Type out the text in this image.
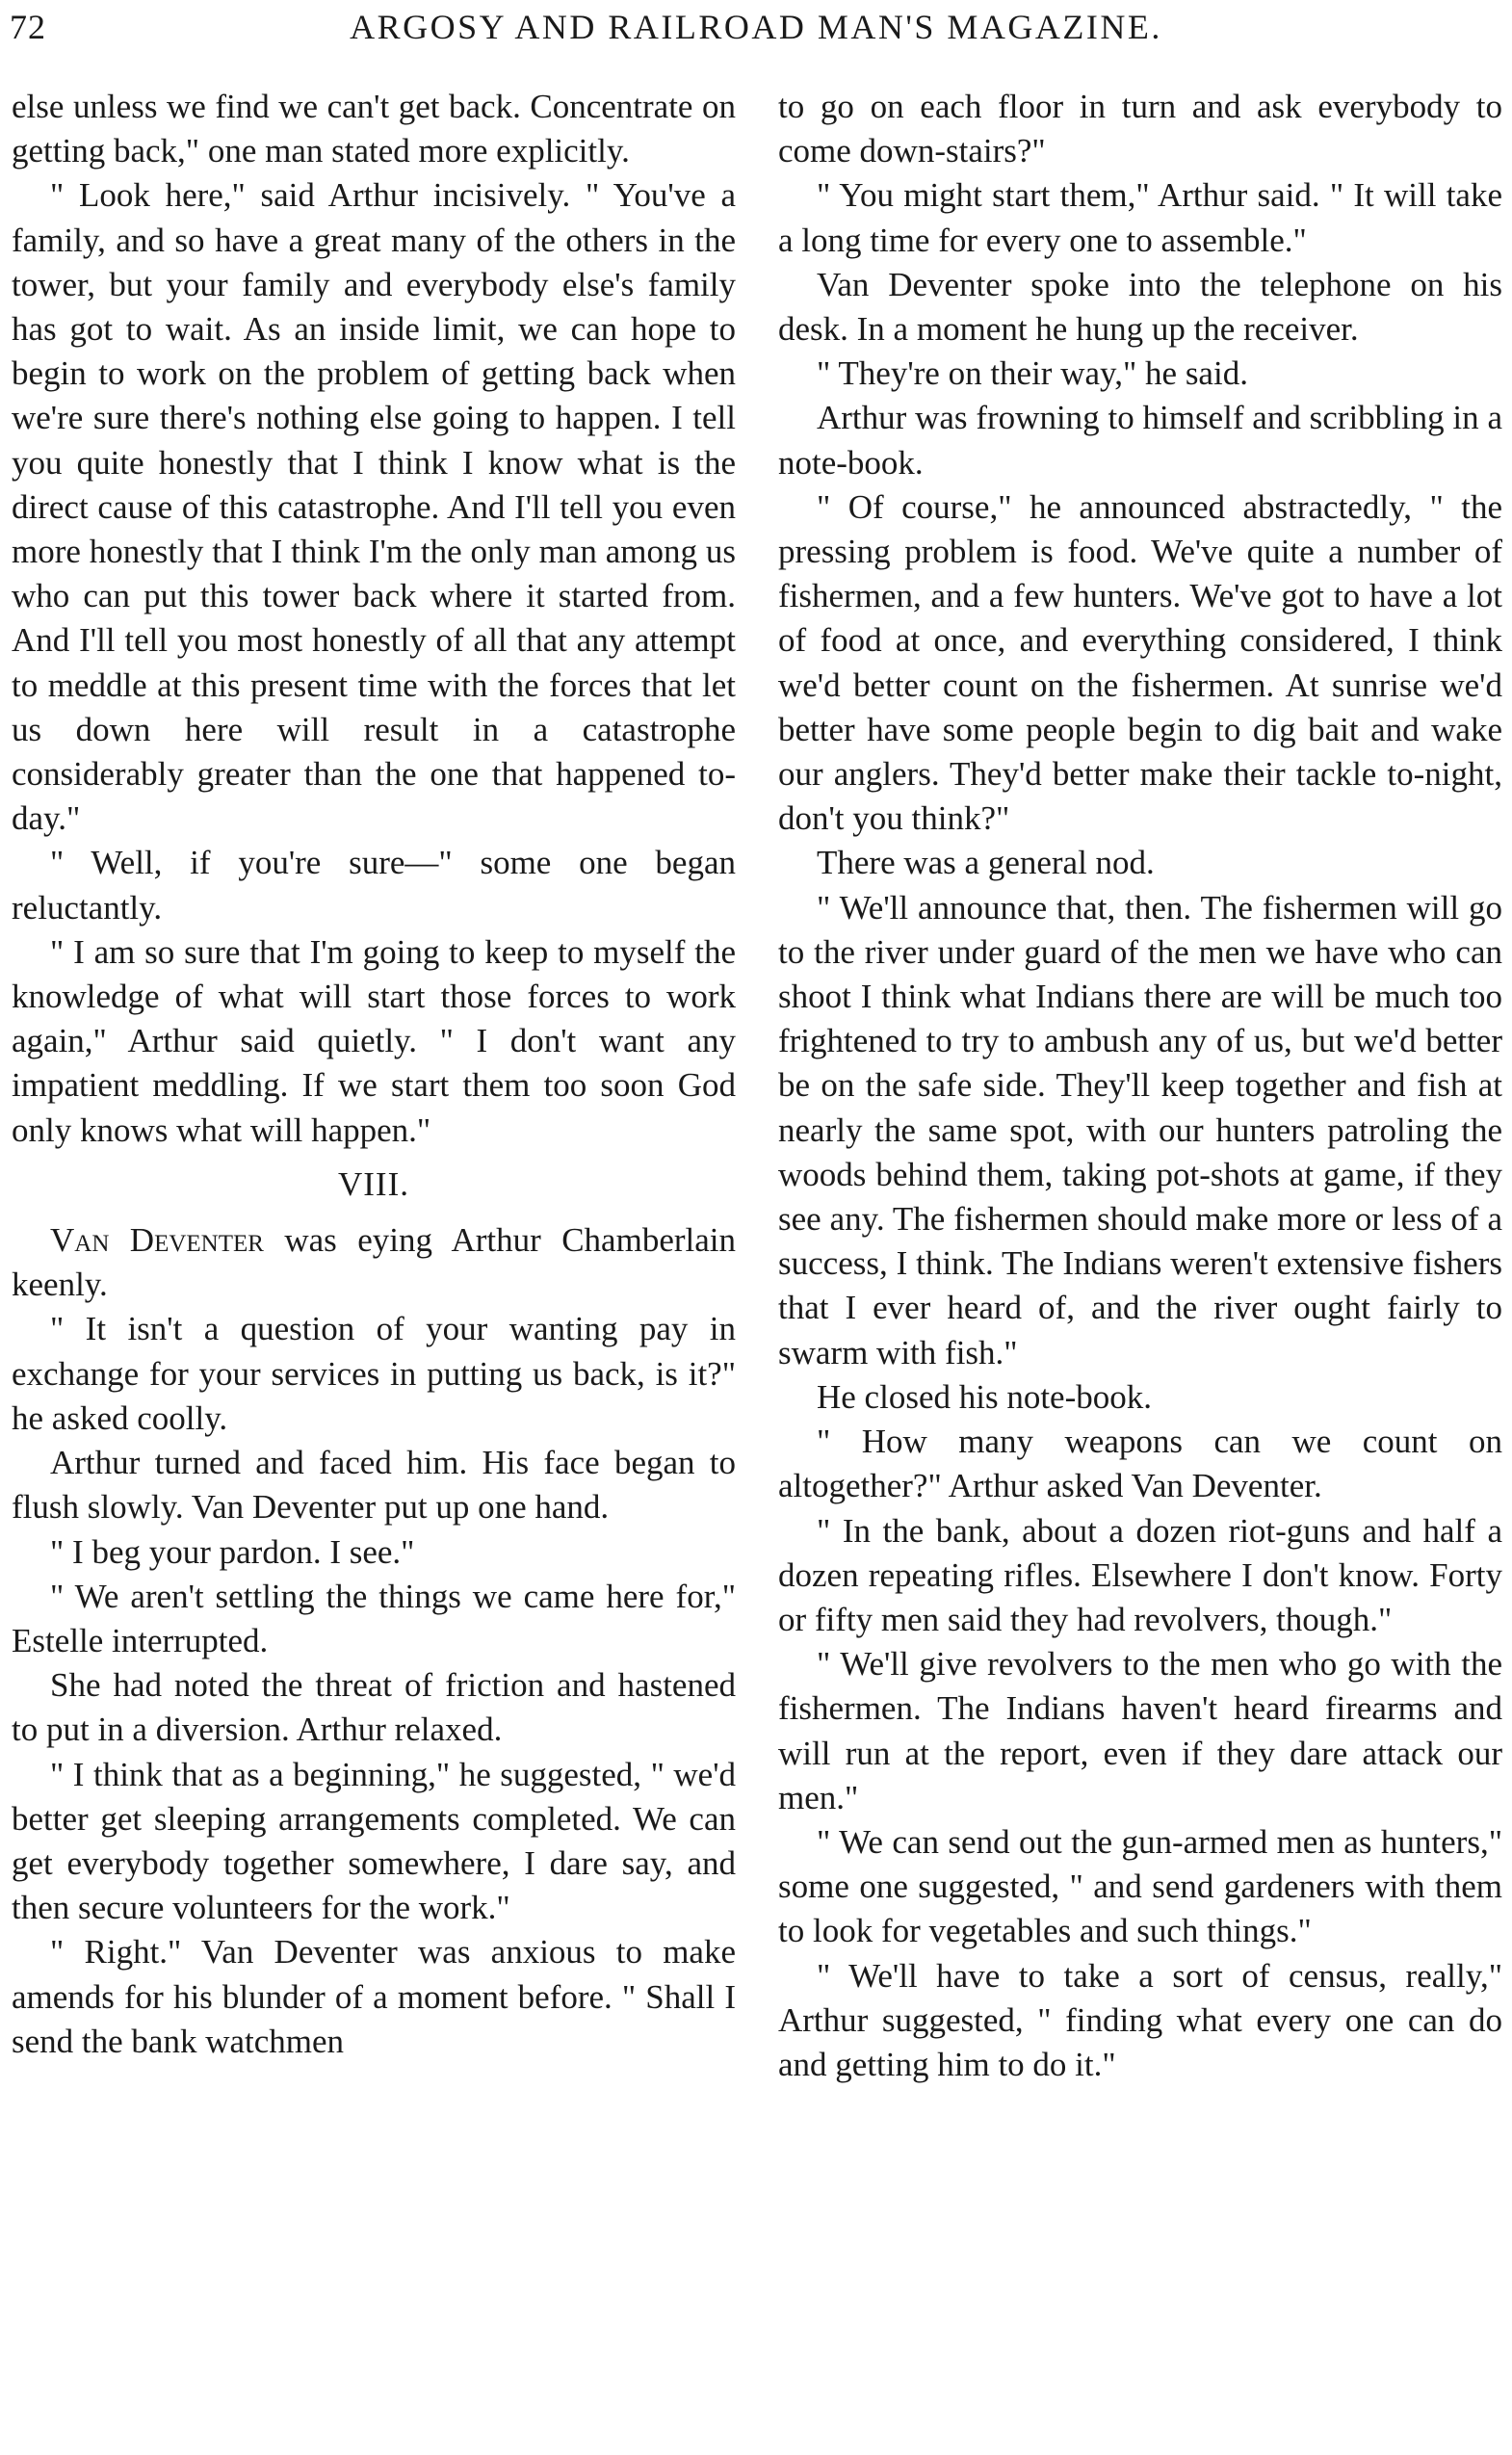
72	ARGOSY AND RAILROAD MAN'S MAGAZINE.

else unless we find we can't get back. Concentrate on getting back," one man stated more explicitly.

" Look here," said Arthur incisively. " You've a family, and so have a great many of the others in the tower, but your family and everybody else's family has got to wait. As an inside limit, we can hope to begin to work on the problem of getting back when we're sure there's nothing else going to happen. I tell you quite honestly that I think I know what is the direct cause of this catastrophe. And I'll tell you even more honestly that I think I'm the only man among us who can put this tower back where it started from. And I'll tell you most honestly of all that any attempt to meddle at this present time with the forces that let us down here will result in a catastrophe considerably greater than the one that happened to-day."

" Well, if you're sure—" some one began reluctantly.

" I am so sure that I'm going to keep to myself the knowledge of what will start those forces to work again," Arthur said quietly. " I don't want any impatient meddling. If we start them too soon God only knows what will happen."

VIII.

Van Deventer was eying Arthur Chamberlain keenly.

" It isn't a question of your wanting pay in exchange for your services in putting us back, is it?" he asked coolly.

Arthur turned and faced him. His face began to flush slowly. Van Deventer put up one hand.

" I beg your pardon. I see."

" We aren't settling the things we came here for," Estelle interrupted.

She had noted the threat of friction and hastened to put in a diversion. Arthur relaxed.

" I think that as a beginning," he suggested, " we'd better get sleeping arrangements completed. We can get everybody together somewhere, I dare say, and then secure volunteers for the work."

" Right." Van Deventer was anxious to make amends for his blunder of a moment before. " Shall I send the bank watchmen

to go on each floor in turn and ask everybody to come down-stairs?"

" You might start them," Arthur said. " It will take a long time for every one to assemble."

Van Deventer spoke into the telephone on his desk. In a moment he hung up the receiver.

" They're on their way," he said.

Arthur was frowning to himself and scribbling in a note-book.

" Of course," he announced abstractedly, " the pressing problem is food. We've quite a number of fishermen, and a few hunters. We've got to have a lot of food at once, and everything considered, I think we'd better count on the fishermen. At sunrise we'd better have some people begin to dig bait and wake our anglers. They'd better make their tackle to-night, don't you think?"

There was a general nod.

" We'll announce that, then. The fishermen will go to the river under guard of the men we have who can shoot I think what Indians there are will be much too frightened to try to ambush any of us, but we'd better be on the safe side. They'll keep together and fish at nearly the same spot, with our hunters patroling the woods behind them, taking pot-shots at game, if they see any. The fishermen should make more or less of a success, I think. The Indians weren't extensive fishers that I ever heard of, and the river ought fairly to swarm with fish."

He closed his note-book.

" How many weapons can we count on altogether?" Arthur asked Van Deventer.

" In the bank, about a dozen riot-guns and half a dozen repeating rifles. Elsewhere I don't know. Forty or fifty men said they had revolvers, though."

" We'll give revolvers to the men who go with the fishermen. The Indians haven't heard firearms and will run at the report, even if they dare attack our men."

" We can send out the gun-armed men as hunters," some one suggested, " and send gardeners with them to look for vegetables and such things."

" We'll have to take a sort of census, really," Arthur suggested, " finding what every one can do and getting him to do it."
